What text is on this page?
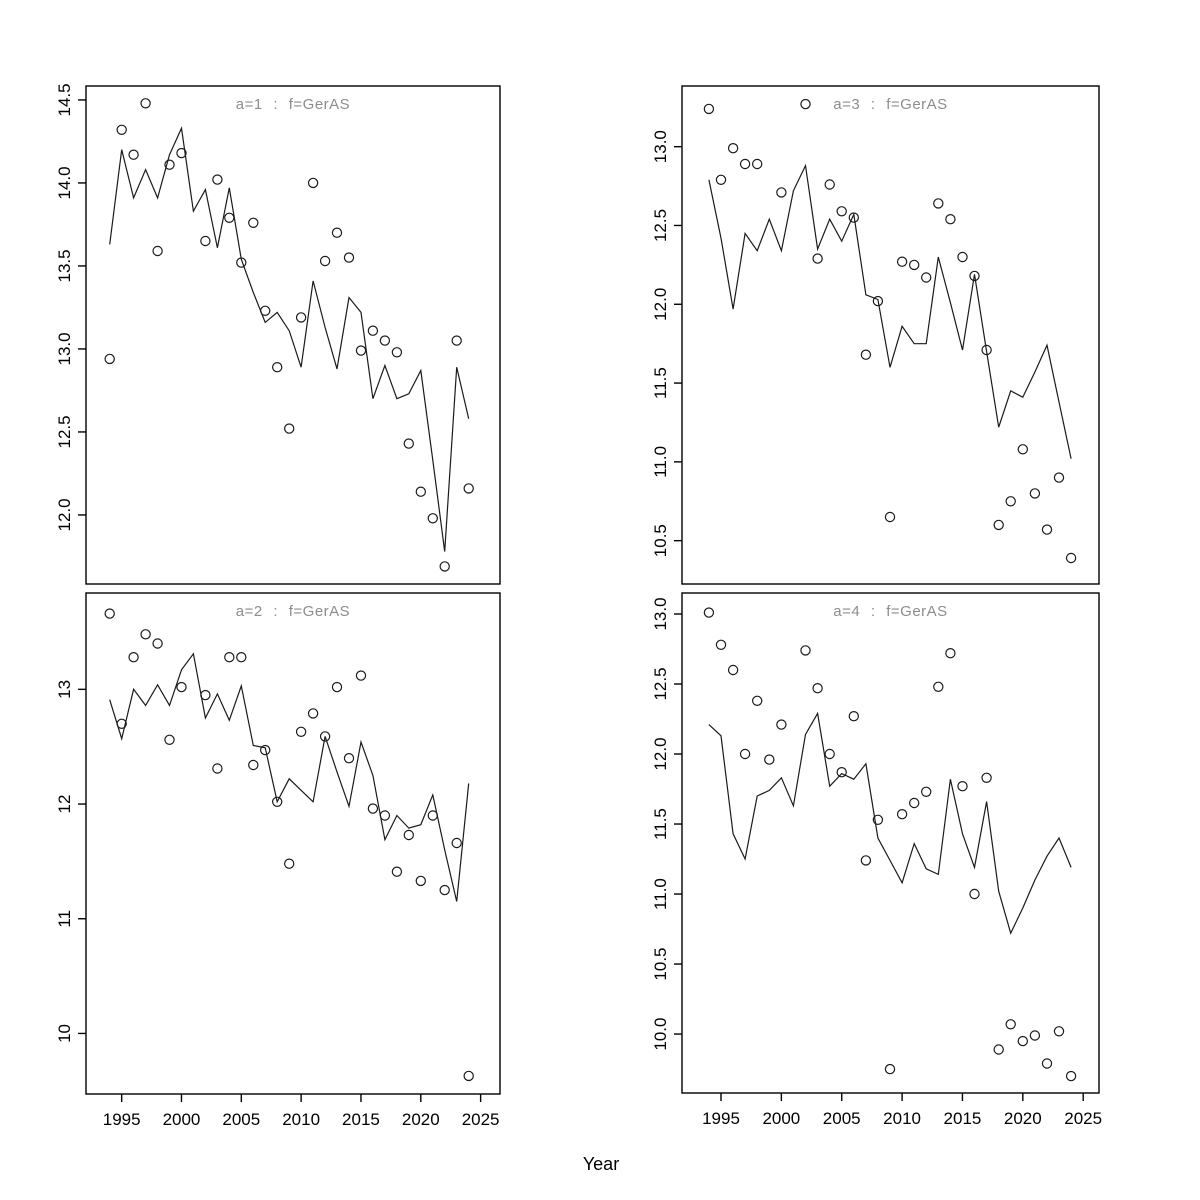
12.0
12.5
13.0
13.5
14.0
14.5
10
11
12
13
1995 2000 2005 2010 2015 2020 2025
10.5
11.0
11.5
12.0
12.5
13.0
10.0
10.5
11.0
11.5
12.0
12.5
13.0
1995 2000 2005 2010 2015 2020 2025
a=1 : f=GerAS
a=2 : f=GerAS
a=3 : f=GerAS
a=4 : f=GerAS
Year
